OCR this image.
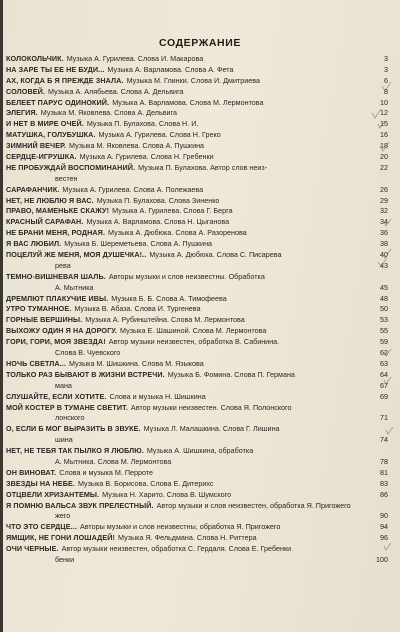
СОДЕРЖАНИЕ
КОЛОКОЛЬЧИК. Музыка А. Гурилева. Слова И. Макарова	3
НА ЗАРЕ ТЫ ЕЕ НЕ БУДИ... Музыка А. Варламова. Слова А. Фета	3
АХ, КОГДА Б Я ПРЕЖДЕ ЗНАЛА. Музыка М. Глинки. Слова И. Дмитриева	6
СОЛОВЕЙ. Музыка А. Алябьева. Слова А. Дельвига	8
БЕЛЕЕТ ПАРУС ОДИНОКИЙ. Музыка А. Варламова. Слова М. Лермонтова	10
ЭЛЕГИЯ. Музыка М. Яковлева. Слова А. Дельвига	12
И НЕТ В МИРЕ ОЧЕЙ. Музыка П. Булахова. Слова Н. И.	15
МАТУШКА, ГОЛУБУШКА. Музыка А. Гурилева. Слова Н. Греко	16
ЗИМНИЙ ВЕЧЕР. Музыка М. Яковлева. Слова А. Пушкина	18
СЕРДЦЕ-ИГРУШКА. Музыка А. Гурилева. Слова Н. Гребенки	20
НЕ ПРОБУЖДАЙ ВОСПОМИНАНИЙ. Музыка П. Булахова. Автор слов неиз-	22
вестен
САРАФАНЧИК. Музыка А. Гурилева. Слова А. Полежаева	26
НЕТ, НЕ ЛЮБЛЮ Я ВАС. Музыка П. Булахова. Слова Зиненко	29
ПРАВО, МАМЕНЬКЕ СКАЖУ! Музыка А. Гурилева. Слова Г. Берга	32
КРАСНЫЙ САРАФАН. Музыка А. Варламова. Слова Н. Цыганова	34
НЕ БРАНИ МЕНЯ, РОДНАЯ. Музыка А. Дюбюка. Слова А. Разоренова	36
Я ВАС ЛЮБИЛ. Музыка Б. Шереметьева. Слова А. Пушкина	38
ПОЦЕЛУЙ ЖЕ МЕНЯ, МОЯ ДУШЕЧКА!.. Музыка А. Дюбюка. Слова С. Писарева	40
рева	43
ТЕМНО-ВИШНЕВАЯ ШАЛЬ. Авторы музыки и слов неизвестны. Обработка
А. Мытника	45
ДРЕМЛЮТ ПЛАКУЧИЕ ИВЫ. Музыка Б. Б. Слова А. Тимофеева	48
УТРО ТУМАННОЕ. Музыка В. Абаза. Слова И. Тургенева	50
ГОРНЫЕ ВЕРШИНЫ. Музыка А. Рубинштейна. Слова М. Лермонтова	53
ВЫХОЖУ ОДИН Я НА ДОРОГУ. Музыка Е. Шашиной. Слова М. Лермонтова	55
ГОРИ, ГОРИ, МОЯ ЗВЕЗДА! Автор музыки неизвестен, обработка В. Сабинина.	59
Слова В. Чуевского	62
НОЧЬ СВЕТЛА... Музыка М. Шишкина. Слова М. Языкова	63
ТОЛЬКО РАЗ БЫВАЮТ В ЖИЗНИ ВСТРЕЧИ. Музыка Б. Фомина. Слова П. Германа	64
мана	67
СЛУШАЙТЕ, ЕСЛИ ХОТИТЕ. Слова и музыка Н. Шишкина	69
МОЙ КОСТЕР В ТУМАНЕ СВЕТИТ. Автор музыки неизвестен. Слова Я. Полонского
лонского	71
О, ЕСЛИ Б МОГ ВЫРАЗИТЬ В ЗВУКЕ. Музыка Л. Малашкина. Слова Г. Лишина
шина	74
НЕТ, НЕ ТЕБЯ ТАК ПЫЛКО Я ЛЮБЛЮ. Музыка А. Шишкина, обработка
А. Мытника. Слова М. Лермонтова	78
ОН ВИНОВАТ. Слова и музыка М. Перроте	81
ЗВЕЗДЫ НА НЕБЕ. Музыка В. Борисова. Слова Е. Дитерихс	83
ОТЦВЕЛИ ХРИЗАНТЕМЫ. Музыка Н. Харито. Слова В. Шумского	86
Я ПОМНЮ ВАЛЬСА ЗВУК ПРЕЛЕСТНЫЙ. Автор музыки и слов неизвестен, обработка Я. Пригожего
жего	90
ЧТО ЭТО СЕРДЦЕ... Авторы музыки и слов неизвестны, обработка Я. Пригожего	94
ЯМЩИК, НЕ ГОНИ ЛОШАДЕЙ! Музыка Я. Фельдмана. Слова Н. Риттера	96
ОЧИ ЧЕРНЫЕ. Автор музыки неизвестен, обработка С. Гердаля. Слова Е. Гребенки
бенки	100
